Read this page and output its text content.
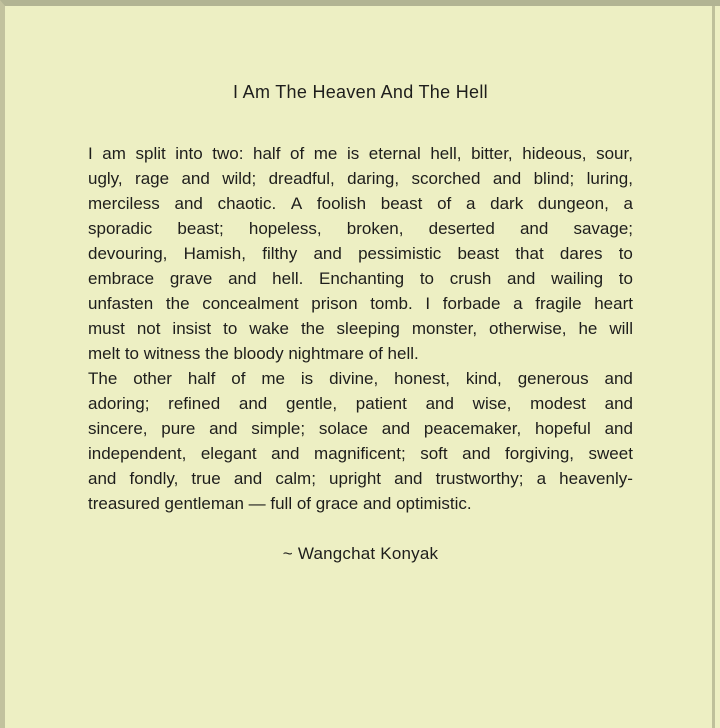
I Am The Heaven And The Hell
I am split into two: half of me is eternal hell, bitter, hideous, sour,
ugly, rage and wild; dreadful, daring, scorched and blind; luring,
merciless and chaotic. A foolish beast of a dark dungeon, a
sporadic beast; hopeless, broken, deserted and savage;
devouring, Hamish, filthy and pessimistic beast that dares to
embrace grave and hell. Enchanting to crush and wailing to
unfasten the concealment prison tomb. I forbade a fragile heart
must not insist to wake the sleeping monster, otherwise, he will
melt to witness the bloody nightmare of hell.
The other half of me is divine, honest, kind, generous and
adoring; refined and gentle, patient and wise, modest and
sincere, pure and simple; solace and peacemaker, hopeful and
independent, elegant and magnificent; soft and forgiving, sweet
and fondly, true and calm; upright and trustworthy; a heavenly-
treasured gentleman — full of grace and optimistic.
~ Wangchat Konyak
